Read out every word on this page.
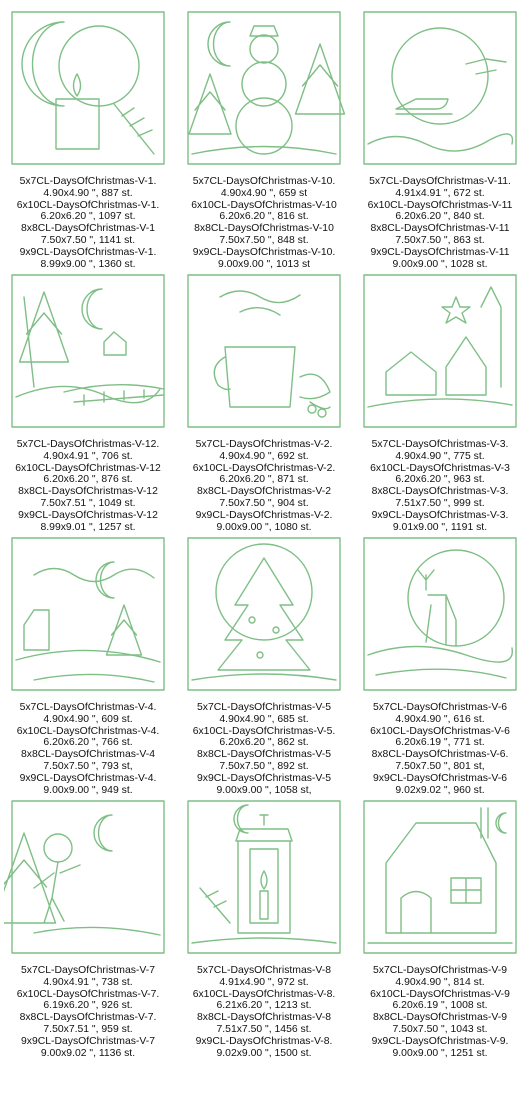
5x7CL-DaysOfChristmas-V-1.
4.90x4.90 ", 887 st.
6x10CL-DaysOfChristmas-V-1.
6.20x6.20 ", 1097 st.
8x8CL-DaysOfChristmas-V-1
7.50x7.50 ", 1141 st.
9x9CL-DaysOfChristmas-V-1.
8.99x9.00 ", 1360 st.
5x7CL-DaysOfChristmas-V-10.
4.90x4.90 ", 659 st
6x10CL-DaysOfChristmas-V-10
6.20x6.20 ", 816 st.
8x8CL-DaysOfChristmas-V-10
7.50x7.50 ", 848 st.
9x9CL-DaysOfChristmas-V-10.
9.00x9.00 ", 1013 st
5x7CL-DaysOfChristmas-V-11.
4.91x4.91 ", 672 st.
6x10CL-DaysOfChristmas-V-11
6.20x6.20 ", 840 st.
8x8CL-DaysOfChristmas-V-11
7.50x7.50 ", 863 st.
9x9CL-DaysOfChristmas-V-11
9.00x9.00 ", 1028 st.
5x7CL-DaysOfChristmas-V-12.
4.90x4.91 ", 706 st.
6x10CL-DaysOfChristmas-V-12
6.20x6.20 ", 876 st.
8x8CL-DaysOfChristmas-V-12
7.50x7.51 ", 1049 st.
9x9CL-DaysOfChristmas-V-12
8.99x9.01 ", 1257 st.
5x7CL-DaysOfChristmas-V-2.
4.90x4.90 ", 692 st.
6x10CL-DaysOfChristmas-V-2.
6.20x6.20 ", 871 st.
8x8CL-DaysOfChristmas-V-2
7.50x7.50 ", 904 st.
9x9CL-DaysOfChristmas-V-2.
9.00x9.00 ", 1080 st.
5x7CL-DaysOfChristmas-V-3.
4.90x4.90 ", 775 st.
6x10CL-DaysOfChristmas-V-3
6.20x6.20 ", 963 st.
8x8CL-DaysOfChristmas-V-3.
7.51x7.50 ", 999 st.
9x9CL-DaysOfChristmas-V-3.
9.01x9.00 ", 1191 st.
5x7CL-DaysOfChristmas-V-4.
4.90x4.90 ", 609 st.
6x10CL-DaysOfChristmas-V-4.
6.20x6.20 ", 766 st.
8x8CL-DaysOfChristmas-V-4
7.50x7.50 ", 793 st,
9x9CL-DaysOfChristmas-V-4.
9.00x9.00 ", 949 st.
5x7CL-DaysOfChristmas-V-5
4.90x4.90 ", 685 st.
6x10CL-DaysOfChristmas-V-5.
6.20x6.20 ", 862 st.
8x8CL-DaysOfChristmas-V-5
7.50x7.50 ", 892 st.
9x9CL-DaysOfChristmas-V-5
9.00x9.00 ", 1058 st,
5x7CL-DaysOfChristmas-V-6
4.90x4.90 ", 616 st.
6x10CL-DaysOfChristmas-V-6
6.20x6.19 ", 771 st.
8x8CL-DaysOfChristmas-V-6.
7.50x7.50 ", 801 st,
9x9CL-DaysOfChristmas-V-6
9.02x9.02 ", 960 st.
5x7CL-DaysOfChristmas-V-7
4.90x4.91 ", 738 st.
6x10CL-DaysOfChristmas-V-7.
6.19x6.20 ", 926 st.
8x8CL-DaysOfChristmas-V-7.
7.50x7.51 ", 959 st.
9x9CL-DaysOfChristmas-V-7
9.00x9.02 ", 1136 st.
5x7CL-DaysOfChristmas-V-8
4.91x4.90 ", 972 st.
6x10CL-DaysOfChristmas-V-8.
6.21x6.20 ", 1213 st.
8x8CL-DaysOfChristmas-V-8
7.51x7.50 ", 1456 st.
9x9CL-DaysOfChristmas-V-8.
9.02x9.00 ", 1500 st.
5x7CL-DaysOfChristmas-V-9
4.90x4.90 ", 814 st.
6x10CL-DaysOfChristmas-V-9
6.20x6.19 ", 1008 st.
8x8CL-DaysOfChristmas-V-9
7.50x7.50 ", 1043 st.
9x9CL-DaysOfChristmas-V-9.
9.00x9.00 ", 1251 st.
